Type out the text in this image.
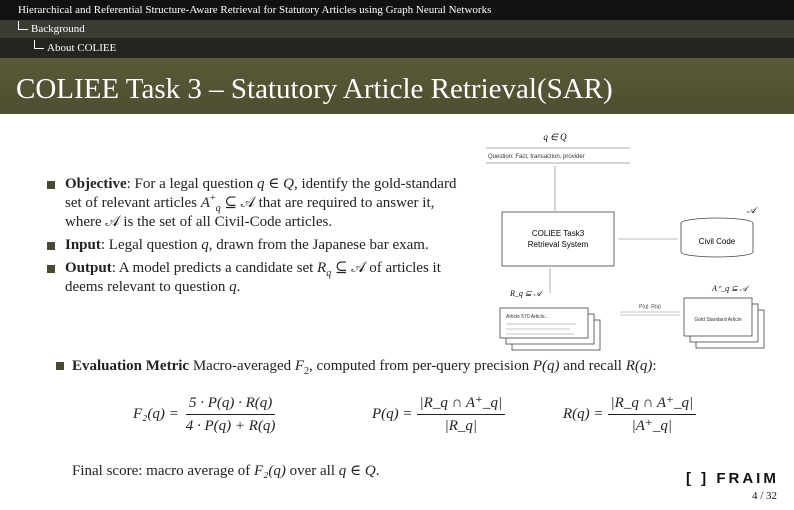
Hierarchical and Referential Structure-Aware Retrieval for Statutory Articles using Graph Neural Networks
Background
About COLIEE
COLIEE Task 3 – Statutory Article Retrieval(SAR)
Objective: For a legal question q ∈ Q, identify the gold-standard set of relevant articles $A^+_q$ ⊆ 𝒜 that are required to answer it, where 𝒜 is the set of all Civil-Code articles.
Input: Legal question q, drawn from the Japanese bar exam.
Output: A model predicts a candidate set $R_q$ ⊆ 𝒜 of articles it deems relevant to question q.
q ∈ Q
Question: Fact, transaction, provider
COLIEE Task3
Retrieval System
𝒜
Civil Code
R_q ⊆ 𝒜
Article 570 Article...
P(q), R(q)
A⁺_q ⊆ 𝒜
Gold Standard Article
Evaluation Metric Macro-averaged $F_2$, computed from per-query precision P(q) and recall R(q):
$F_2(q) = \frac{5 \cdot P(q) \cdot R(q)}{4 \cdot P(q) + R(q)}$	$P(q) = \frac{|R\_q \cap A^+\_q|}{|R\_q|}$	$R(q) = \frac{|R\_q \cap A^+\_q|}{|A^+\_q|}$
Final score: macro average of F₂(q) over all q ∈ Q.	[ ] FRAIM
4 / 32
